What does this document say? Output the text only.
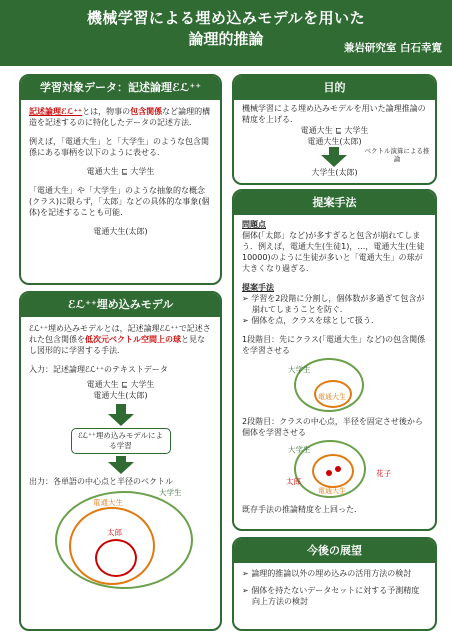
機械学習による埋め込みモデルを用いた
論理的推論	兼岩研究室 白石幸寛
学習対象データ：記述論理ℰℒ⁺⁺
記述論理ℰℒ⁺⁺とは，物事の包含関係など論理的構造を記述するのに特化したデータの記述方法．
例えば，「電通大生」と「大学生」のような包含関係にある事柄を以下のように表せる．
電通大生 ⊑ 大学生
「電通大生」や「大学生」のような抽象的な概念(クラス)に限らず，「太郎」などの具体的な事象(個体)を記述することも可能．
電通大生(太郎)
ℰℒ⁺⁺埋め込みモデル
ℰℒ⁺⁺埋め込みモデルとは，記述論理ℰℒ⁺⁺で記述された包含関係を低次元ベクトル空間上の球と見なし図形的に学習する手法．
入力：記述論理ℰℒ⁺⁺のテキストデータ
電通大生 ⊑ 大学生
電通大生(太郎)
ℰℒ⁺⁺埋め込みモデルによる学習
出力：各単語の中心点と半径のベクトル
大学生
電通大生
太郎
目的
機械学習による埋め込みモデルを用いた論理推論の精度を上げる．
電通大生 ⊑ 大学生
電通大生(太郎)
ベクトル演算による推論
大学生(太郎)
提案手法
問題点
個体(「太郎」など)が多すぎると包含が崩れてしまう．例えば，電通大生(生徒1)，…，電通大生(生徒10000)のように生徒が多いと「電通大生」の球が大きくなり過ぎる．
提案手法
➢ 学習を2段階に分割し，個体数が多過ぎて包含が崩れてしまうことを防ぐ．
➢ 個体を点，クラスを球として扱う．
1段階目：先にクラス(「電通大生」など)の包含関係を学習させる
大学生
電通大生
2段階目：クラスの中心点，半径を固定させ後から個体を学習させる
大学生
電通大生
太郎
花子
既存手法の推論精度を上回った．
今後の展望
➢ 論理的推論以外の埋め込みの活用方法の検討
➢ 個体を持たないデータセットに対する予測精度向上方法の検討
